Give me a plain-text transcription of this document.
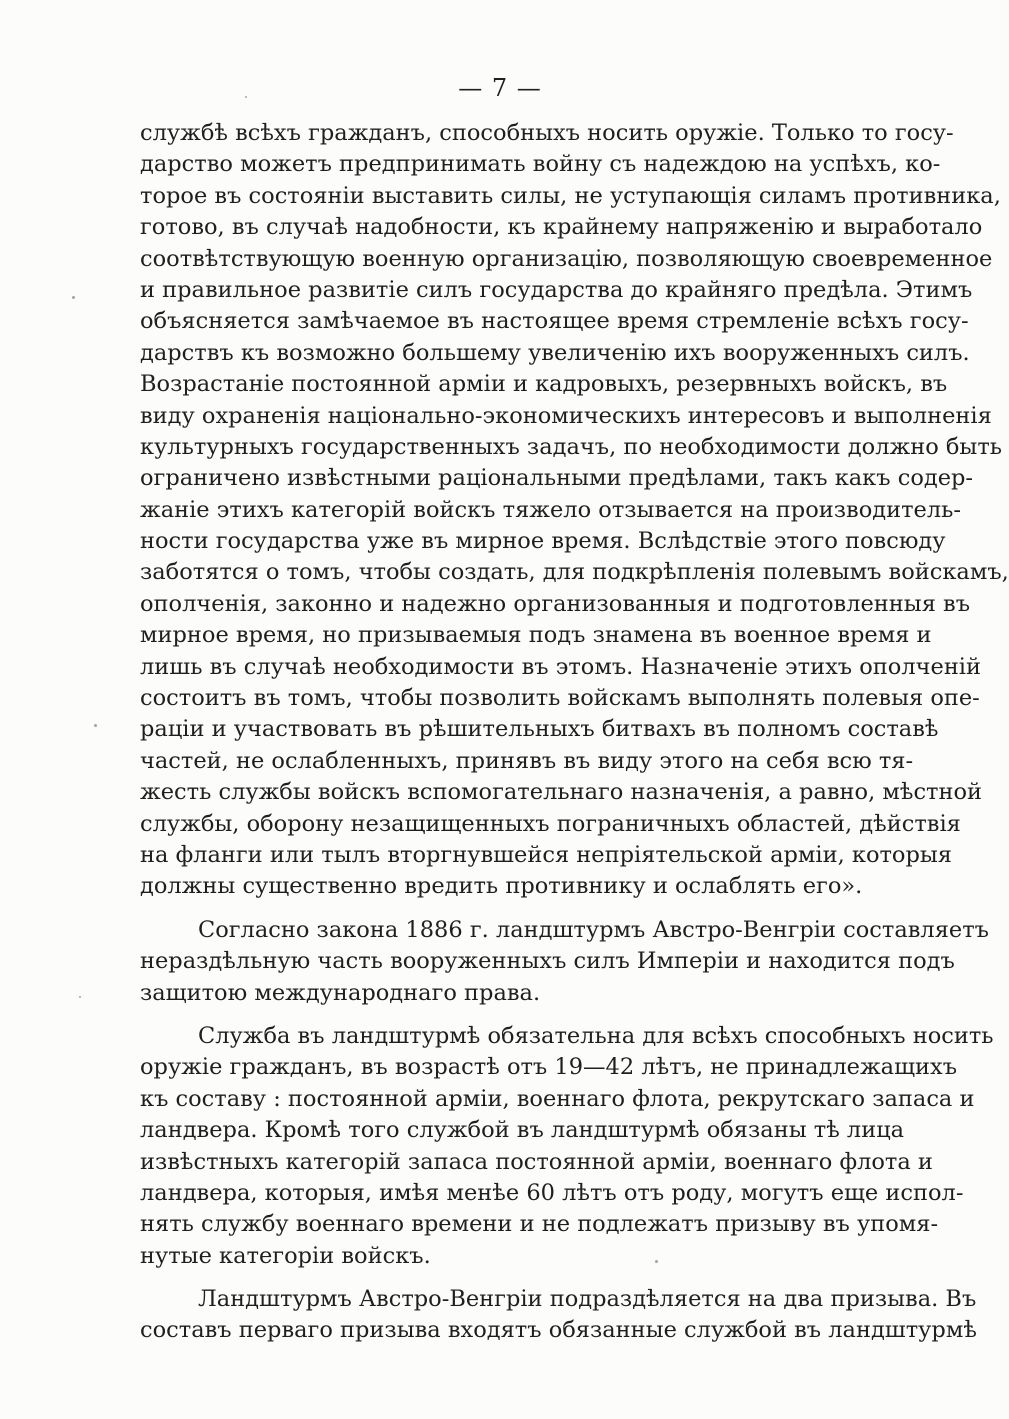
— 7 —
службѣ всѣхъ гражданъ, способныхъ носить оружіе. Только то госу-
дарство можетъ предпринимать войну съ надеждою на успѣхъ, ко-
торое въ состояніи выставить силы, не уступающія силамъ противника,
готово, въ случаѣ надобности, къ крайнему напряженію и выработало
соотвѣтствующую военную организацію, позволяющую своевременное
и правильное развитіе силъ государства до крайняго предѣла. Этимъ
объясняется замѣчаемое въ настоящее время стремленіе всѣхъ госу-
дарствъ къ возможно большему увеличенію ихъ вооруженныхъ силъ.
Возрастаніе постоянной арміи и кадровыхъ, резервныхъ войскъ, въ
виду охраненія національно-экономическихъ интересовъ и выполненія
культурныхъ государственныхъ задачъ, по необходимости должно быть
ограничено извѣстными раціональными предѣлами, такъ какъ содер-
жаніе этихъ категорій войскъ тяжело отзывается на производитель-
ности государства уже въ мирное время. Вслѣдствіе этого повсюду
заботятся о томъ, чтобы создать, для подкрѣпленія полевымъ войскамъ,
ополченія, законно и надежно организованныя и подготовленныя въ
мирное время, но призываемыя подъ знамена въ военное время и
лишь въ случаѣ необходимости въ этомъ. Назначеніе этихъ ополченій
состоитъ въ томъ, чтобы позволить войскамъ выполнять полевыя опе-
раціи и участвовать въ рѣшительныхъ битвахъ въ полномъ составѣ
частей, не ослабленныхъ, принявъ въ виду этого на себя всю тя-
жесть службы войскъ вспомогательнаго назначенія, а равно, мѣстной
службы, оборону незащищенныхъ пограничныхъ областей, дѣйствія
на фланги или тылъ вторгнувшейся непріятельской арміи, которыя
должны существенно вредить противнику и ослаблять его».
Согласно закона 1886 г. ландштурмъ Австро-Венгріи составляетъ
нераздѣльную часть вооруженныхъ силъ Имперіи и находится подъ
защитою международнаго права.
Служба въ ландштурмѣ обязательна для всѣхъ способныхъ носить
оружіе гражданъ, въ возрастѣ отъ 19—42 лѣтъ, не принадлежащихъ
къ составу : постоянной арміи, военнаго флота, рекрутскаго запаса и
ландвера. Кромѣ того службой въ ландштурмѣ обязаны тѣ лица
извѣстныхъ категорій запаса постоянной арміи, военнаго флота и
ландвера, которыя, имѣя менѣе 60 лѣтъ отъ роду, могутъ еще испол-
нять службу военнаго времени и не подлежатъ призыву въ упомя-
нутые категоріи войскъ.
Ландштурмъ Австро-Венгріи подраздѣляется на два призыва. Въ
составъ перваго призыва входятъ обязанные службой въ ландштурмѣ
